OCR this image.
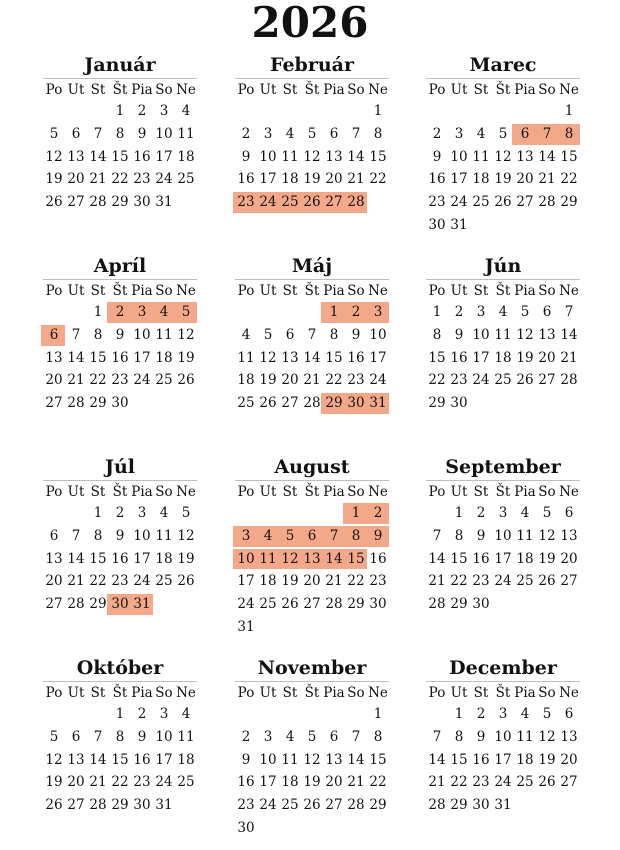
2026
Január
Po Ut St Št Pia So Ne
1 2 3 4
5 6 7 8 9 10 11
12 13 14 15 16 17 18
19 20 21 22 23 24 25
26 27 28 29 30 31
Február
Po Ut St Št Pia So Ne
1
2 3 4 5 6 7 8
9 10 11 12 13 14 15
16 17 18 19 20 21 22
23 24 25 26 27 28
Marec
Po Ut St Št Pia So Ne
1
2 3 4 5 6 7 8
9 10 11 12 13 14 15
16 17 18 19 20 21 22
23 24 25 26 27 28 29
30 31
Apríl
Po Ut St Št Pia So Ne
1 2 3 4 5
6 7 8 9 10 11 12
13 14 15 16 17 18 19
20 21 22 23 24 25 26
27 28 29 30
Máj
Po Ut St Št Pia So Ne
1 2 3
4 5 6 7 8 9 10
11 12 13 14 15 16 17
18 19 20 21 22 23 24
25 26 27 28 29 30 31
Jún
Po Ut St Št Pia So Ne
1 2 3 4 5 6 7
8 9 10 11 12 13 14
15 16 17 18 19 20 21
22 23 24 25 26 27 28
29 30
Júl
Po Ut St Št Pia So Ne
1 2 3 4 5
6 7 8 9 10 11 12
13 14 15 16 17 18 19
20 21 22 23 24 25 26
27 28 29 30 31
August
Po Ut St Št Pia So Ne
1 2
3 4 5 6 7 8 9
10 11 12 13 14 15 16
17 18 19 20 21 22 23
24 25 26 27 28 29 30
31
September
Po Ut St Št Pia So Ne
1 2 3 4 5 6
7 8 9 10 11 12 13
14 15 16 17 18 19 20
21 22 23 24 25 26 27
28 29 30
Október
Po Ut St Št Pia So Ne
1 2 3 4
5 6 7 8 9 10 11
12 13 14 15 16 17 18
19 20 21 22 23 24 25
26 27 28 29 30 31
November
Po Ut St Št Pia So Ne
1
2 3 4 5 6 7 8
9 10 11 12 13 14 15
16 17 18 19 20 21 22
23 24 25 26 27 28 29
30
December
Po Ut St Št Pia So Ne
1 2 3 4 5 6
7 8 9 10 11 12 13
14 15 16 17 18 19 20
21 22 23 24 25 26 27
28 29 30 31
